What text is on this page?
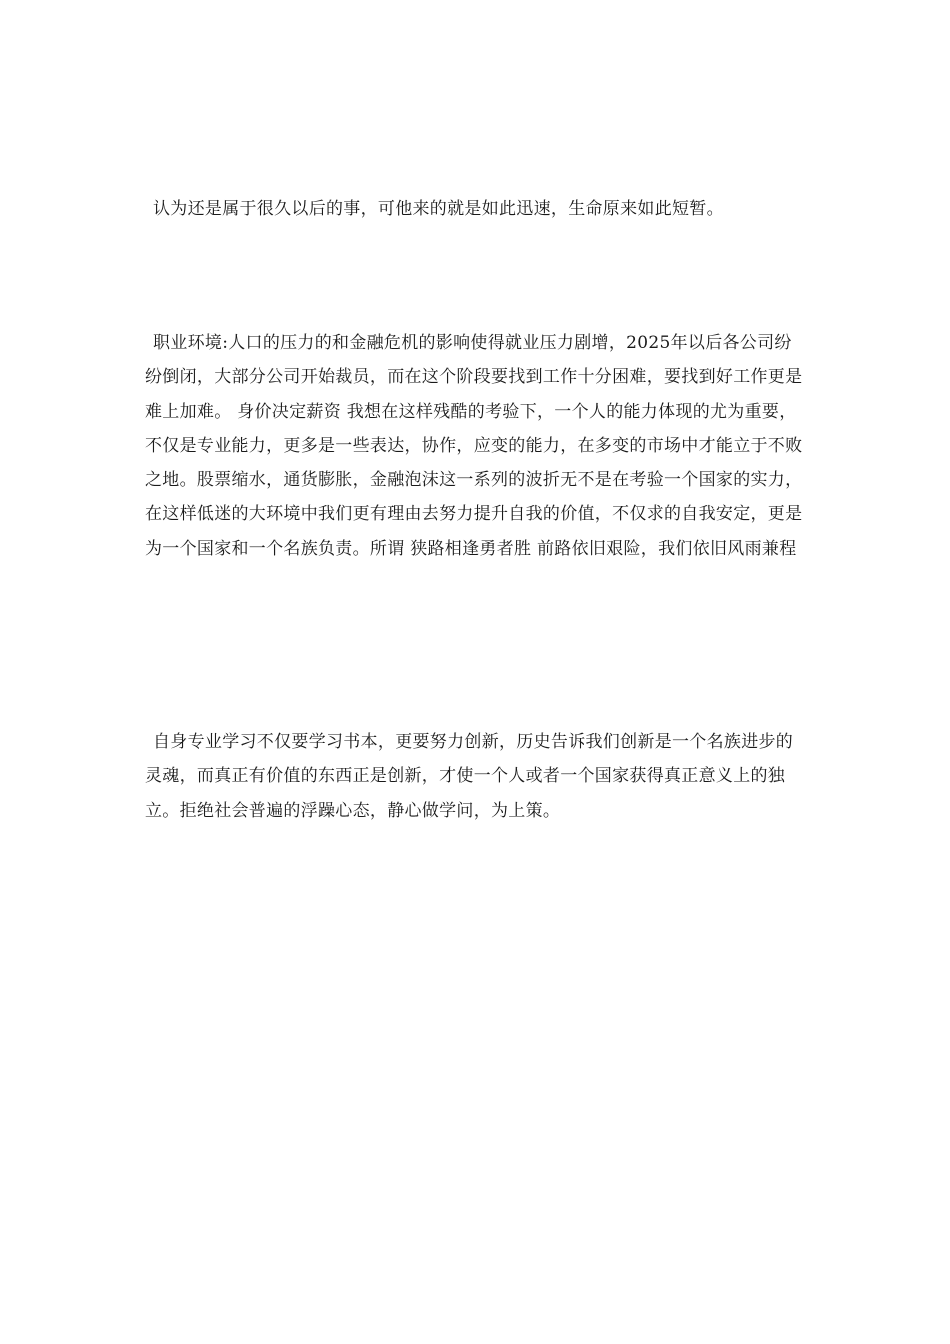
认为还是属于很久以后的事，可他来的就是如此迅速，生命原来如此短暂。

职业环境:人口的压力的和金融危机的影响使得就业压力剧增，2025年以后各公司纷纷倒闭，大部分公司开始裁员，而在这个阶段要找到工作十分困难，要找到好工作更是难上加难。 身价决定薪资 我想在这样残酷的考验下，一个人的能力体现的尤为重要，不仅是专业能力，更多是一些表达，协作，应变的能力，在多变的市场中才能立于不败之地。股票缩水，通货膨胀，金融泡沫这一系列的波折无不是在考验一个国家的实力，在这样低迷的大环境中我们更有理由去努力提升自我的价值，不仅求的自我安定，更是为一个国家和一个名族负责。所谓 狭路相逢勇者胜 前路依旧艰险，我们依旧风雨兼程

自身专业学习不仅要学习书本，更要努力创新，历史告诉我们创新是一个名族进步的灵魂，而真正有价值的东西正是创新，才使一个人或者一个国家获得真正意义上的独立。拒绝社会普遍的浮躁心态，静心做学问，为上策。
